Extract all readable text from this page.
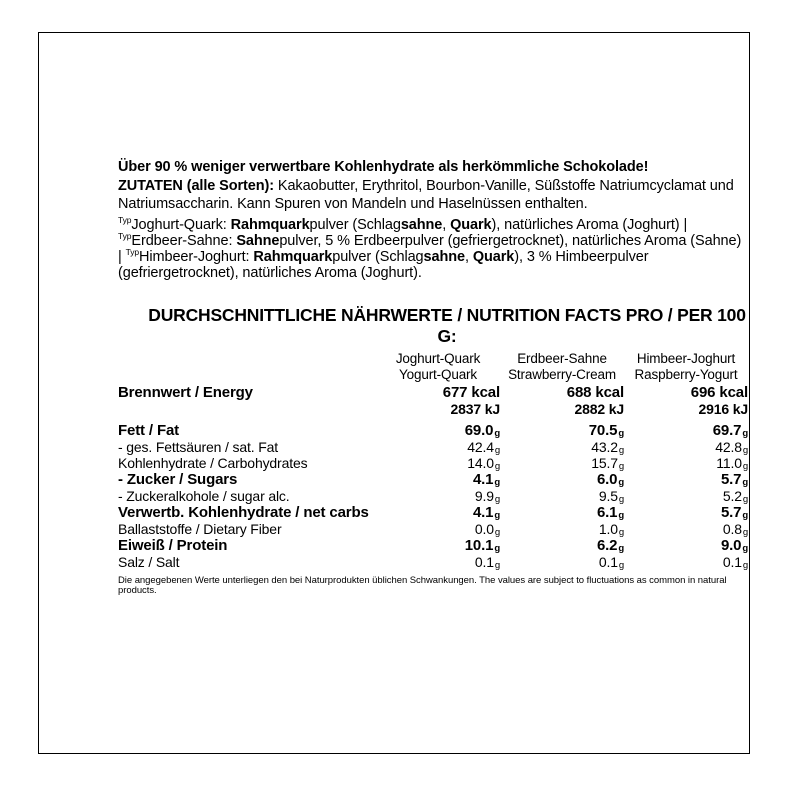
Über 90 % weniger verwertbare Kohlenhydrate als herkömmliche Schokolade!

ZUTATEN (alle Sorten): Kakaobutter, Erythritol, Bourbon-Vanille, Süßstoffe Natriumcyclamat und Natriumsaccharin. Kann Spuren von Mandeln und Haselnüssen enthalten.

$^{Typ}$Joghurt-Quark: Rahmquarkpulver (Schlagsahne, Quark), natürliches Aroma (Joghurt) | $^{Typ}$Erdbeer-Sahne: Sahnepulver, 5 % Erdbeerpulver (gefriergetrocknet), natürliches Aroma (Sahne) | $^{Typ}$Himbeer-Joghurt: Rahmquarkpulver (Schlagsahne, Quark), 3 % Himbeerpulver (gefriergetrocknet), natürliches Aroma (Joghurt).

DURCHSCHNITTLICHE NÄHRWERTE / NUTRITION FACTS PRO / PER 100 G:
	Joghurt-Quark	Erdbeer-Sahne	Himbeer-Joghurt
	Yogurt-Quark	Strawberry-Cream	Raspberry-Yogurt
Brennwert / Energy	677 kcal	688 kcal	696 kcal
	2837 kJ	2882 kJ	2916 kJ

Fett / Fat	69.0g	70.5g	69.7g
- ges. Fettsäuren / sat. Fat	42.4g	43.2g	42.8g
Kohlenhydrate / Carbohydrates	14.0g	15.7g	11.0g
- Zucker / Sugars	4.1g	6.0g	5.7g
- Zuckeralkohole / sugar alc.	9.9g	9.5g	5.2g
Verwertb. Kohlenhydrate / net carbs	4.1g	6.1g	5.7g
Ballaststoffe / Dietary Fiber	0.0g	1.0g	0.8g
Eiweiß / Protein	10.1g	6.2g	9.0g
Salz / Salt	0.1g	0.1g	0.1g
Die angegebenen Werte unterliegen den bei Naturprodukten üblichen Schwankungen. The values are subject to fluctuations as common in natural products.
